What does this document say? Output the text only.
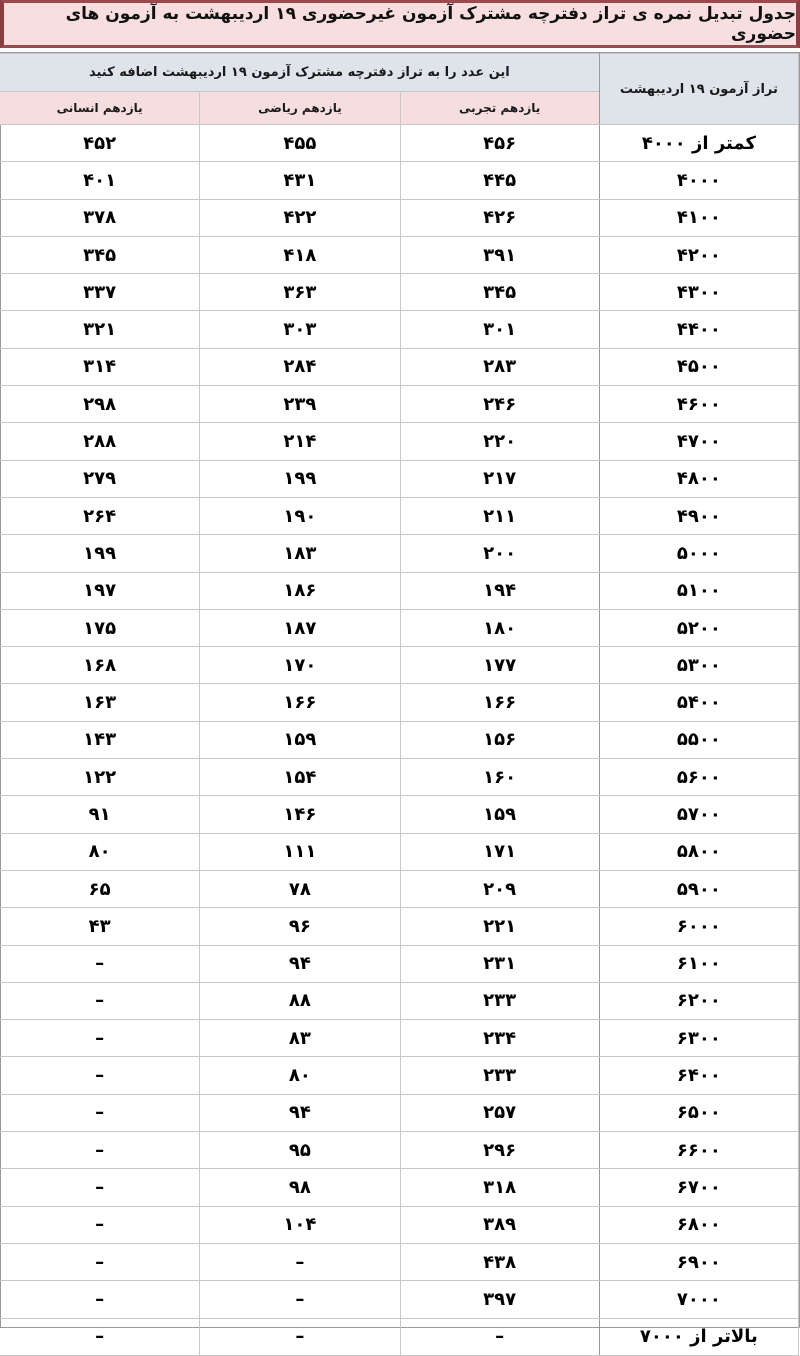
جدول تبدیل نمره ی تراز دفترچه مشترک آزمون غیرحضوری ۱۹ اردیبهشت به آزمون های حضوری
تراز آزمون ۱۹ اردیبهشت	این عدد را به تراز دفترچه مشترک آزمون ۱۹ اردیبهشت اضافه کنید		
	یازدهم تجربی	یازدهم ریاضی	یازدهم انسانی
کمتر از ۴۰۰۰	۴۵۶	۴۵۵	۴۵۲
۴۰۰۰	۴۴۵	۴۳۱	۴۰۱
۴۱۰۰	۴۲۶	۴۲۲	۳۷۸
۴۲۰۰	۳۹۱	۴۱۸	۳۴۵
۴۳۰۰	۳۴۵	۳۶۳	۳۳۷
۴۴۰۰	۳۰۱	۳۰۳	۳۲۱
۴۵۰۰	۲۸۳	۲۸۴	۳۱۴
۴۶۰۰	۲۴۶	۲۳۹	۲۹۸
۴۷۰۰	۲۲۰	۲۱۴	۲۸۸
۴۸۰۰	۲۱۷	۱۹۹	۲۷۹
۴۹۰۰	۲۱۱	۱۹۰	۲۶۴
۵۰۰۰	۲۰۰	۱۸۳	۱۹۹
۵۱۰۰	۱۹۴	۱۸۶	۱۹۷
۵۲۰۰	۱۸۰	۱۸۷	۱۷۵
۵۳۰۰	۱۷۷	۱۷۰	۱۶۸
۵۴۰۰	۱۶۶	۱۶۶	۱۶۳
۵۵۰۰	۱۵۶	۱۵۹	۱۴۳
۵۶۰۰	۱۶۰	۱۵۴	۱۲۲
۵۷۰۰	۱۵۹	۱۴۶	۹۱
۵۸۰۰	۱۷۱	۱۱۱	۸۰
۵۹۰۰	۲۰۹	۷۸	۶۵
۶۰۰۰	۲۲۱	۹۶	۴۳
۶۱۰۰	۲۳۱	۹۴	–
۶۲۰۰	۲۳۳	۸۸	–
۶۳۰۰	۲۳۴	۸۳	–
۶۴۰۰	۲۳۳	۸۰	–
۶۵۰۰	۲۵۷	۹۴	–
۶۶۰۰	۲۹۶	۹۵	–
۶۷۰۰	۳۱۸	۹۸	–
۶۸۰۰	۳۸۹	۱۰۴	–
۶۹۰۰	۴۳۸	–	–
۷۰۰۰	۳۹۷	–	–
بالاتر از ۷۰۰۰	–	–	–
